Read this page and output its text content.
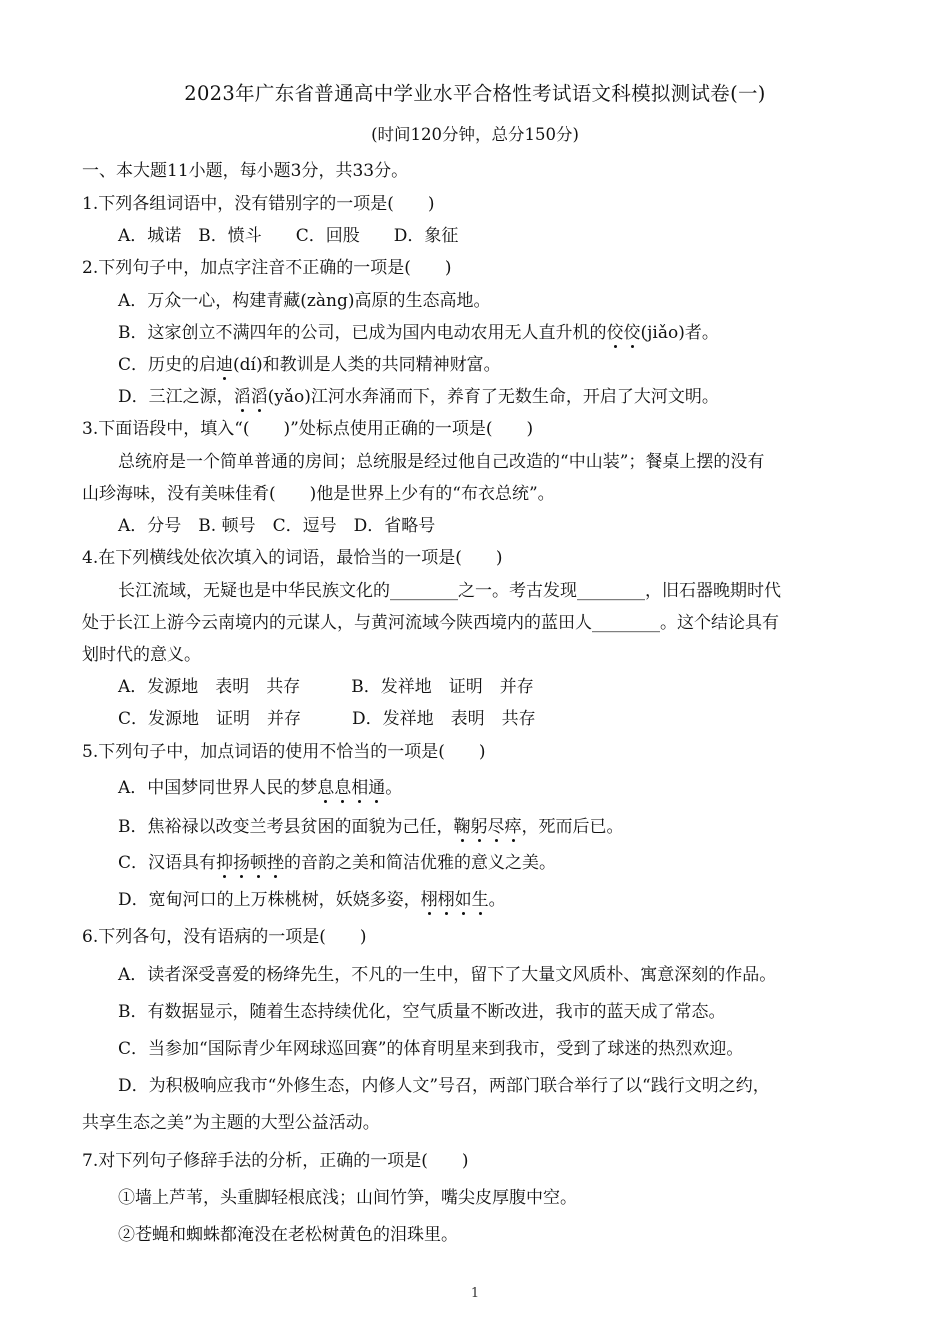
2023年广东省普通高中学业水平合格性考试语文科模拟测试卷(一)
(时间120分钟，总分150分)
一、本大题11小题，每小题3分，共33分。
1.下列各组词语中，没有错别字的一项是(　　)
A．城诺　B．愤斗　　C．回股　　D．象征
2.下列句子中，加点字注音不正确的一项是(　　)
A．万众一心，构建青藏(zàng)高原的生态高地。
B．这家创立不满四年的公司，已成为国内电动农用无人直升机的佼佼(jiǎo)者。
C．历史的启迪(dí)和教训是人类的共同精神财富。
D．三江之源，滔滔(yǎo)江河水奔涌而下，养育了无数生命，开启了大河文明。
3.下面语段中，填入“(　　)”处标点使用正确的一项是(　　)
总统府是一个简单普通的房间；总统服是经过他自己改造的“中山装”；餐桌上摆的没有
山珍海味，没有美味佳肴(　　)他是世界上少有的“布衣总统”。
A．分号　B. 顿号　C．逗号　D．省略号
4.在下列横线处依次填入的词语，最恰当的一项是(　　)
长江流域，无疑也是中华民族文化的________之一。考古发现________，旧石器晚期时代
处于长江上游今云南境内的元谋人，与黄河流域今陕西境内的蓝田人________。这个结论具有
划时代的意义。
A．发源地　表明　共存　　　B．发祥地　证明　并存
C．发源地　证明　并存　　　D．发祥地　表明　共存
5.下列句子中，加点词语的使用不恰当的一项是(　　)
A．中国梦同世界人民的梦息息相通。
B．焦裕禄以改变兰考县贫困的面貌为己任，鞠躬尽瘁，死而后已。
C．汉语具有抑扬顿挫的音韵之美和简洁优雅的意义之美。
D．宽甸河口的上万株桃树，妖娆多姿，栩栩如生。
6.下列各句，没有语病的一项是(　　)
A．读者深受喜爱的杨绛先生，不凡的一生中，留下了大量文风质朴、寓意深刻的作品。
B．有数据显示，随着生态持续优化，空气质量不断改进，我市的蓝天成了常态。
C．当参加“国际青少年网球巡回赛”的体育明星来到我市，受到了球迷的热烈欢迎。
D．为积极响应我市“外修生态，内修人文”号召，两部门联合举行了以“践行文明之约，
共享生态之美”为主题的大型公益活动。
7.对下列句子修辞手法的分析，正确的一项是(　　)
①墙上芦苇，头重脚轻根底浅；山间竹笋，嘴尖皮厚腹中空。
②苍蝇和蜘蛛都淹没在老松树黄色的泪珠里。
1
